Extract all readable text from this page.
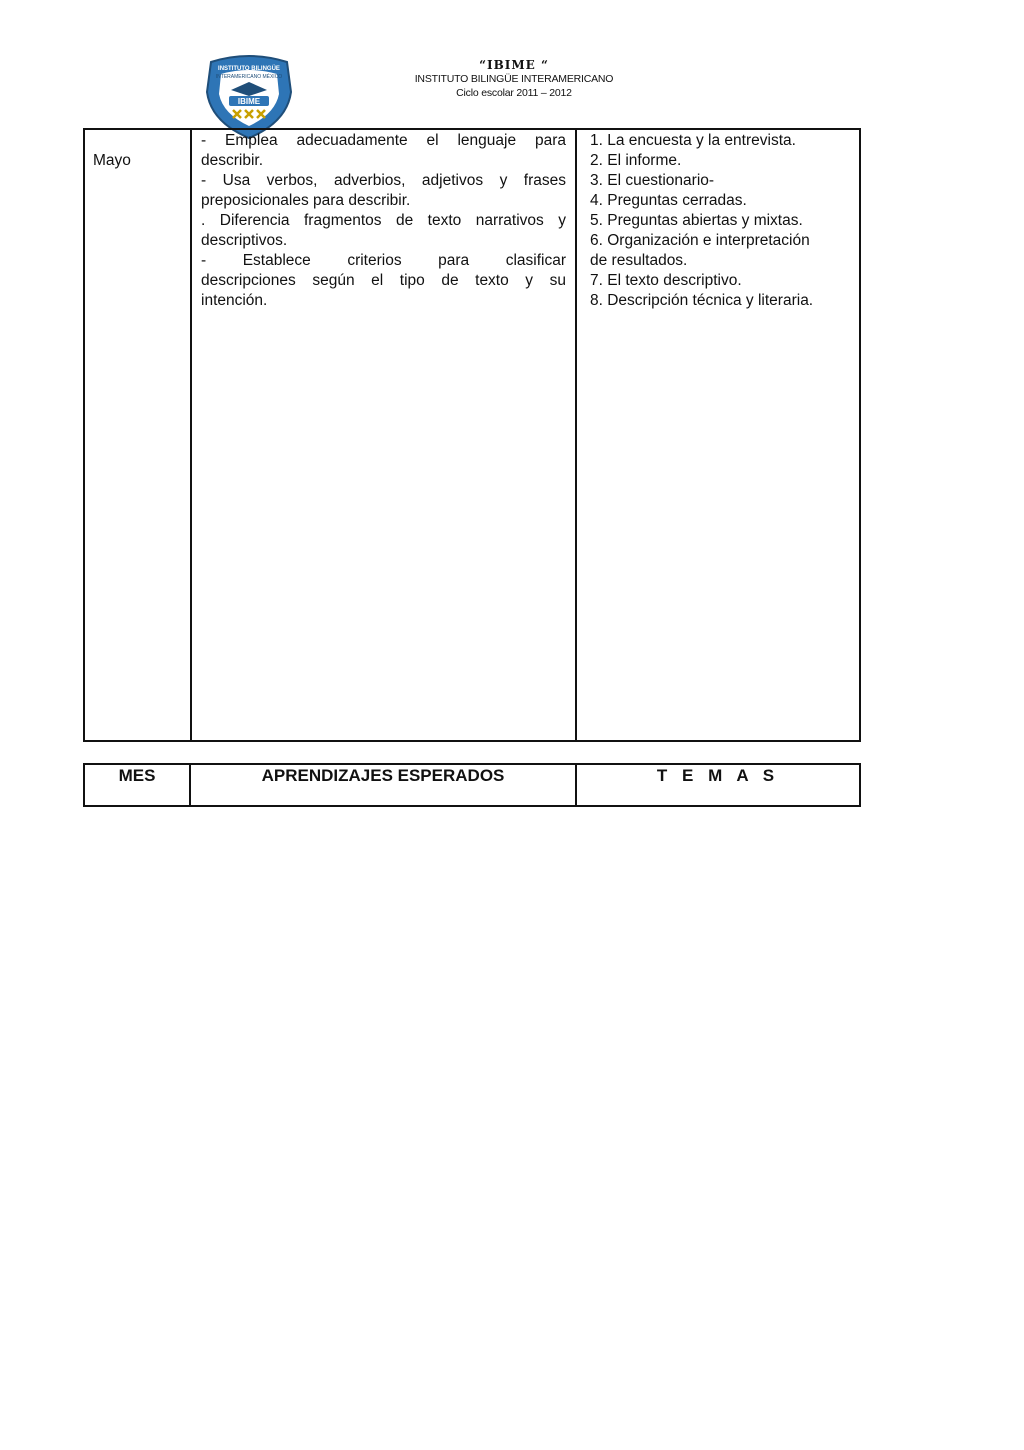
INSTITUTO BILINGÜE
INTERAMERICANO MÉXICO
IBIME
“IBIME “
INSTITUTO BILINGÜE INTERAMERICANO
Ciclo escolar 2011 – 2012
Mayo
- Emplea adecuadamente el lenguaje para
describir.
- Usa verbos, adverbios, adjetivos y frases
preposicionales para describir.
. Diferencia fragmentos de texto narrativos y
descriptivos.
- Establece criterios para clasificar
descripciones según el tipo de texto y su
intención.
1. La encuesta y la entrevista.
2. El informe.
3. El cuestionario-
4. Preguntas cerradas.
5. Preguntas abiertas y mixtas.
6. Organización e interpretación
de resultados.
7. El texto descriptivo.
8. Descripción técnica y literaria.
MES	APRENDIZAJES ESPERADOS	T E M A S
